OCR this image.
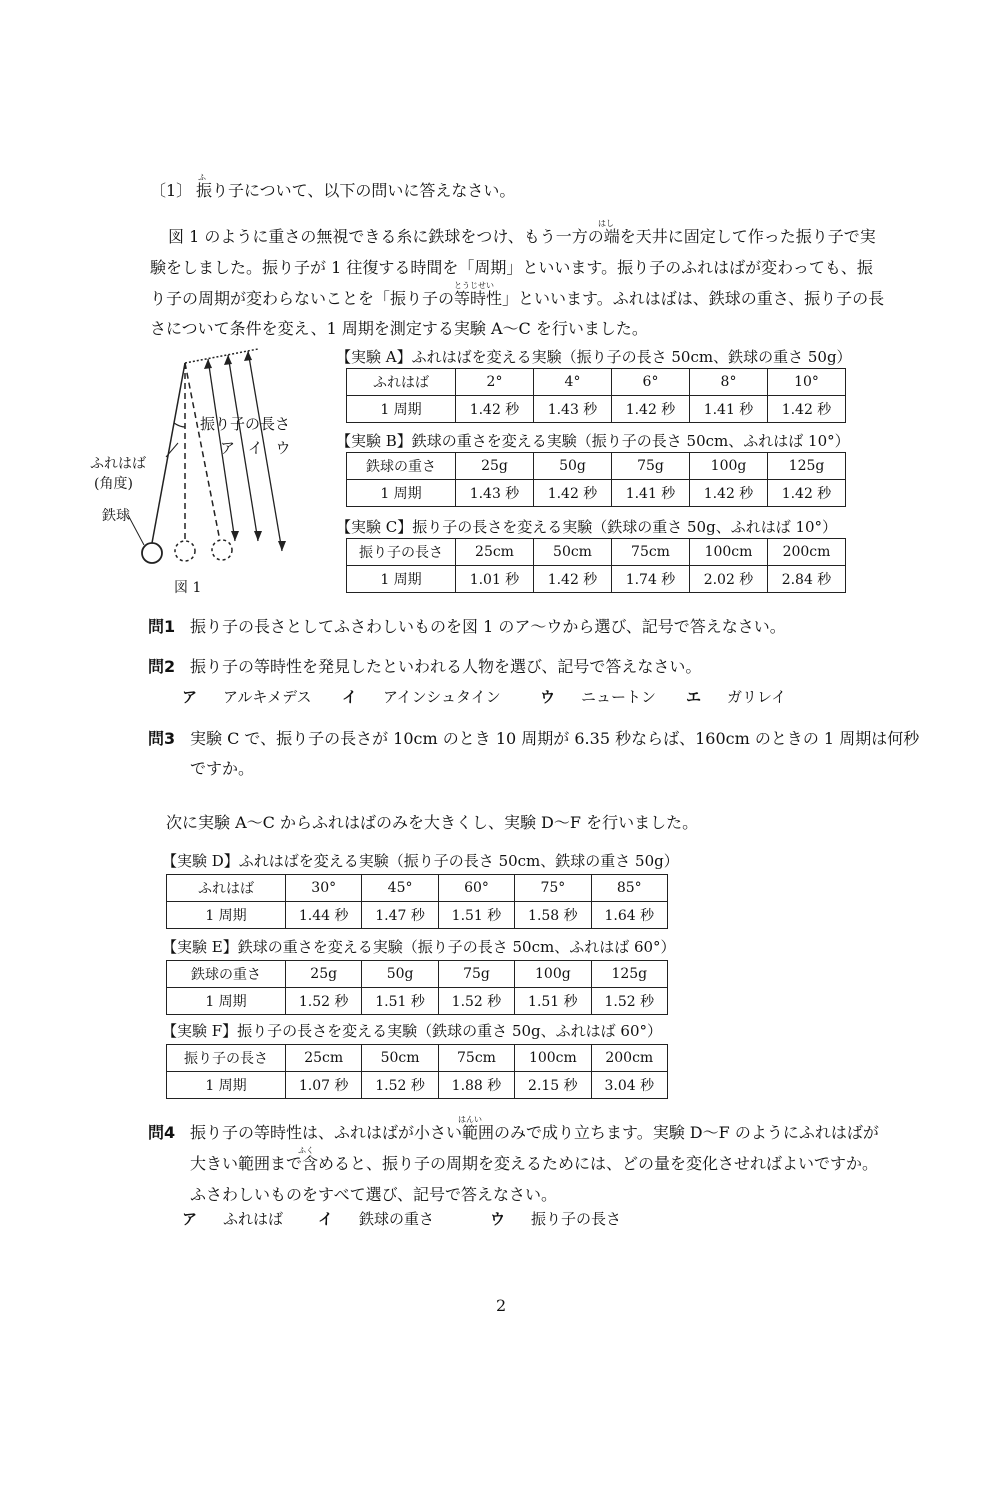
〔1〕
ふ
振り子について、以下の問いに答えなさい。
はし
図 1 のように重さの無視できる糸に鉄球をつけ、もう一方の端を天井に固定して作った振り子で実
験をしました。振り子が 1 往復する時間を「周期」といいます。振り子のふれはばが変わっても、振
とうじせい
り子の周期が変わらないことを「振り子の等時性」といいます。ふれはばは、鉄球の重さ、振り子の長
さについて条件を変え、1 周期を測定する実験 A〜C を行いました。
振り子の長さ
ア イ ウ
ふれはば
(角度)
鉄球
図 1
【実験 A】ふれはばを変える実験（振り子の長さ 50cm、鉄球の重さ 50g）
ふれはば	2°	4°	6°	8°	10°
1 周期	1.42 秒	1.43 秒	1.42 秒	1.41 秒	1.42 秒
【実験 B】鉄球の重さを変える実験（振り子の長さ 50cm、ふれはば 10°）
鉄球の重さ	25g	50g	75g	100g	125g
1 周期	1.43 秒	1.42 秒	1.41 秒	1.42 秒	1.42 秒
【実験 C】振り子の長さを変える実験（鉄球の重さ 50g、ふれはば 10°）
振り子の長さ	25cm	50cm	75cm	100cm	200cm
1 周期	1.01 秒	1.42 秒	1.74 秒	2.02 秒	2.84 秒
問1 振り子の長さとしてふさわしいものを図 1 のア〜ウから選び、記号で答えなさい。
問2 振り子の等時性を発見したといわれる人物を選び、記号で答えなさい。
ア アルキメデス イ アインシュタイン	ウ ニュートン エ ガリレイ
問3 実験 C で、振り子の長さが 10cm のとき 10 周期が 6.35 秒ならば、160cm のときの 1 周期は何秒
ですか。
次に実験 A〜C からふれはばのみを大きくし、実験 D〜F を行いました。
【実験 D】ふれはばを変える実験（振り子の長さ 50cm、鉄球の重さ 50g）
ふれはば	30°	45°	60°	75°	85°
1 周期	1.44 秒	1.47 秒	1.51 秒	1.58 秒	1.64 秒
【実験 E】鉄球の重さを変える実験（振り子の長さ 50cm、ふれはば 60°）
鉄球の重さ	25g	50g	75g	100g	125g
1 周期	1.52 秒	1.51 秒	1.52 秒	1.51 秒	1.52 秒
【実験 F】振り子の長さを変える実験（鉄球の重さ 50g、ふれはば 60°）
振り子の長さ	25cm	50cm	75cm	100cm	200cm
1 周期	1.07 秒	1.52 秒	1.88 秒	2.15 秒	3.04 秒
はんい
問4 振り子の等時性は、ふれはばが小さい範囲のみで成り立ちます。実験 D〜F のようにふれはばが
ふく
大きい範囲まで含めると、振り子の周期を変えるためには、どの量を変化させればよいですか。
ふさわしいものをすべて選び、記号で答えなさい。
ア ふれはば イ 鉄球の重さ	ウ 振り子の長さ
2
